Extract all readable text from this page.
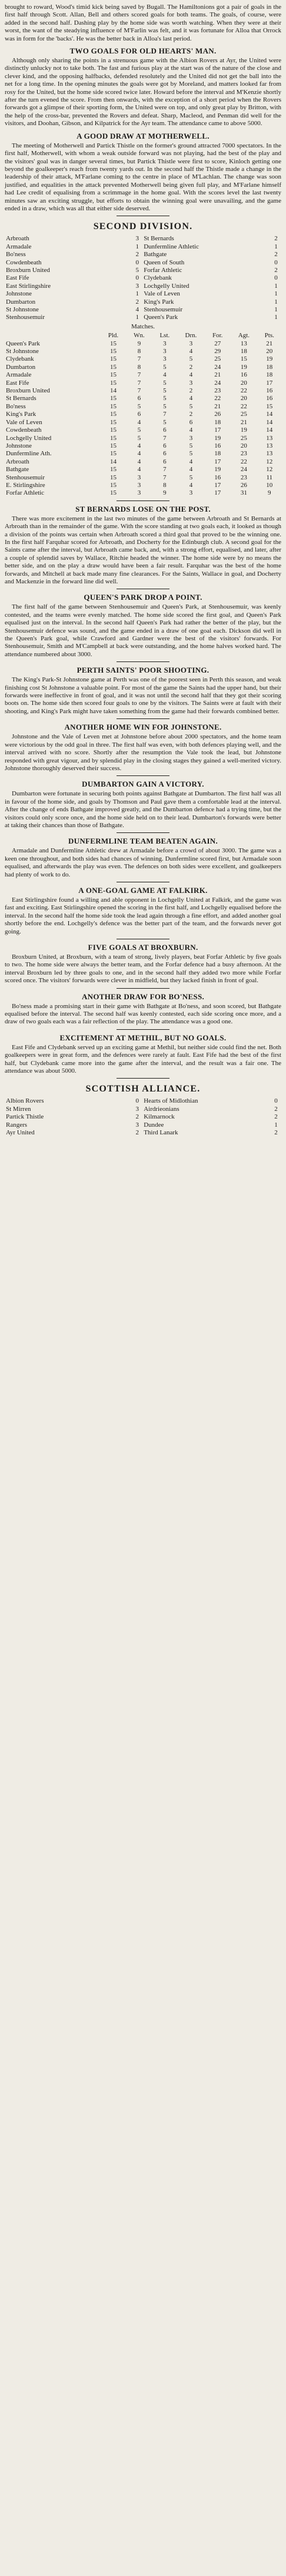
brought to roward, Wood's timid kick being saved by Bugall. The Hamiltonions got a pair of goals in the first half through Scott. Allan, Bell and others scored goals for both teams. The goals, of course, were added in the second half. Dashing play by the home side was worth watching. When they were at their worst, the want of the steadying influence of M'Farlin was felt, and it was fortunate for Alloa that Orrock was in form for the 'backs'. He was the better back in Alloa's last period.

TWO GOALS FOR OLD HEARTS' MAN.

Although only sharing the points in a strenuous game with the Albion Rovers at Ayr, the United were distinctly unlucky not to take both. The fast and furious play at the start was of the nature of the close and clever kind, and the opposing halfbacks, defended resolutely and the United did not get the ball into the net for a long time. In the opening minutes the goals were got by Moreland, and matters looked far from rosy for the United, but the home side scored twice later. Howard before the interval and M'Kenzie shortly after the turn evened the score. From then onwards, with the exception of a short period when the Rovers forwards got a glimpse of their sporting form, the United were on top, and only great play by Britton, with the help of the cross-bar, prevented the Rovers and defeat. Sharp, Macleod, and Penman did well for the visitors, and Doohan, Gibson, and Kilpatrick for the Ayr team. The attendance came to above 5000.

A GOOD DRAW AT MOTHERWELL.

The meeting of Motherwell and Partick Thistle on the former's ground attracted 7000 spectators. In the first half, Motherwell, with whom a weak outside forward was not playing, had the best of the play and the visitors' goal was in danger several times, but Partick Thistle were first to score, Kinloch getting one beyond the goalkeeper's reach from twenty yards out. In the second half the Thistle made a change in the leadership of their attack, M'Farlane coming to the centre in place of M'Lachlan. The change was soon justified, and equalities in the attack prevented Motherwell being given full play, and M'Farlane himself had Lee credit of equalising from a scrimmage in the home goal. With the scores level the last twenty minutes saw an exciting struggle, but efforts to obtain the winning goal were unavailing, and the game ended in a draw, which was all that either side deserved.

SECOND DIVISION.
Arbroath	3	St Bernards	2
Armadale	1	Dunfermline Athletic	1
Bo'ness	2	Bathgate	2
Cowdenbeath	0	Queen of South	0
Broxburn United	5	Forfar Athletic	2
East Fife	0	Clydebank	0
East Stirlingshire	3	Lochgelly United	1
Johnstone	1	Vale of Leven	1
Dumbarton	2	King's Park	1
St Johnstone	4	Stenhousemuir	1
Stenhousemuir	1	Queen's Park	1
Matches.
	Pld.	Wn.	Lst.	Drn.	For.	Agt.	Pts.
Queen's Park	15	9	3	3	27	13	21
St Johnstone	15	8	3	4	29	18	20
Clydebank	15	7	3	5	25	15	19
Dumbarton	15	8	5	2	24	19	18
Armadale	15	7	4	4	21	16	18
East Fife	15	7	5	3	24	20	17
Broxburn United	14	7	5	2	23	22	16
St Bernards	15	6	5	4	22	20	16
Bo'ness	15	5	5	5	21	22	15
King's Park	15	6	7	2	26	25	14
Vale of Leven	15	4	5	6	18	21	14
Cowdenbeath	15	5	6	4	17	19	14
Lochgelly United	15	5	7	3	19	25	13
Johnstone	15	4	6	5	16	20	13
Dunfermline Ath.	15	4	6	5	18	23	13
Arbroath	14	4	6	4	17	22	12
Bathgate	15	4	7	4	19	24	12
Stenhousemuir	15	3	7	5	16	23	11
E. Stirlingshire	15	3	8	4	17	26	10
Forfar Athletic	15	3	9	3	17	31	9
ST BERNARDS LOSE ON THE POST.

There was more excitement in the last two minutes of the game between Arbroath and St Bernards at Arbroath than in the remainder of the game. With the score standing at two goals each, it looked as though a division of the points was certain when Arbroath scored a third goal that proved to be the winning one. In the first half Farquhar scored for Arbroath, and Docherty for the Edinburgh club. A second goal for the Saints came after the interval, but Arbroath came back, and, with a strong effort, equalised, and later, after a couple of splendid saves by Wallace, Ritchie headed the winner. The home side were by no means the better side, and on the play a draw would have been a fair result. Farquhar was the best of the home forwards, and Mitchell at back made many fine clearances. For the Saints, Wallace in goal, and Docherty and Mackenzie in the forward line did well.

QUEEN'S PARK DROP A POINT.

The first half of the game between Stenhousemuir and Queen's Park, at Stenhousemuir, was keenly contested, and the teams were evenly matched. The home side scored the first goal, and Queen's Park equalised just on the interval. In the second half Queen's Park had rather the better of the play, but the Stenhousemuir defence was sound, and the game ended in a draw of one goal each. Dickson did well in the Queen's Park goal, while Crawford and Gardner were the best of the visitors' forwards. For Stenhousemuir, Smith and M'Campbell at back were outstanding, and the home halves worked hard. The attendance numbered about 3000.

PERTH SAINTS' POOR SHOOTING.

The King's Park-St Johnstone game at Perth was one of the poorest seen in Perth this season, and weak finishing cost St Johnstone a valuable point. For most of the game the Saints had the upper hand, but their forwards were ineffective in front of goal, and it was not until the second half that they got their scoring boots on. The home side then scored four goals to one by the visitors. The Saints were at fault with their shooting, and King's Park might have taken something from the game had their forwards combined better.

ANOTHER HOME WIN FOR JOHNSTONE.

Johnstone and the Vale of Leven met at Johnstone before about 2000 spectators, and the home team were victorious by the odd goal in three. The first half was even, with both defences playing well, and the interval arrived with no score. Shortly after the resumption the Vale took the lead, but Johnstone responded with great vigour, and by splendid play in the closing stages they gained a well-merited victory. Johnstone thoroughly deserved their success.

DUMBARTON GAIN A VICTORY.

Dumbarton were fortunate in securing both points against Bathgate at Dumbarton. The first half was all in favour of the home side, and goals by Thomson and Paul gave them a comfortable lead at the interval. After the change of ends Bathgate improved greatly, and the Dumbarton defence had a trying time, but the visitors could only score once, and the home side held on to their lead. Dumbarton's forwards were better at taking their chances than those of Bathgate.

DUNFERMLINE TEAM BEATEN AGAIN.

Armadale and Dunfermline Athletic drew at Armadale before a crowd of about 3000. The game was a keen one throughout, and both sides had chances of winning. Dunfermline scored first, but Armadale soon equalised, and afterwards the play was even. The defences on both sides were excellent, and goalkeepers had plenty of work to do.

A ONE-GOAL GAME AT FALKIRK.

East Stirlingshire found a willing and able opponent in Lochgelly United at Falkirk, and the game was fast and exciting. East Stirlingshire opened the scoring in the first half, and Lochgelly equalised before the interval. In the second half the home side took the lead again through a fine effort, and added another goal shortly before the end. Lochgelly's defence was the better part of the team, and the forwards never got going.

FIVE GOALS AT BROXBURN.

Broxburn United, at Broxburn, with a team of strong, lively players, beat Forfar Athletic by five goals to two. The home side were always the better team, and the Forfar defence had a busy afternoon. At the interval Broxburn led by three goals to one, and in the second half they added two more while Forfar scored once. The visitors' forwards were clever in midfield, but they lacked finish in front of goal.

ANOTHER DRAW FOR BO'NESS.

Bo'ness made a promising start in their game with Bathgate at Bo'ness, and soon scored, but Bathgate equalised before the interval. The second half was keenly contested, each side scoring once more, and a draw of two goals each was a fair reflection of the play. The attendance was a good one.

EXCITEMENT AT METHIL, BUT NO GOALS.

East Fife and Clydebank served up an exciting game at Methil, but neither side could find the net. Both goalkeepers were in great form, and the defences were rarely at fault. East Fife had the best of the first half, but Clydebank came more into the game after the interval, and the result was a fair one. The attendance was about 5000.

SCOTTISH ALLIANCE.
Albion Rovers	0	Hearts of Midlothian	0
St Mirren	3	Airdrieonians	2
Partick Thistle	2	Kilmarnock	2
Rangers	3	Dundee	1
Ayr United	2	Third Lanark	2
